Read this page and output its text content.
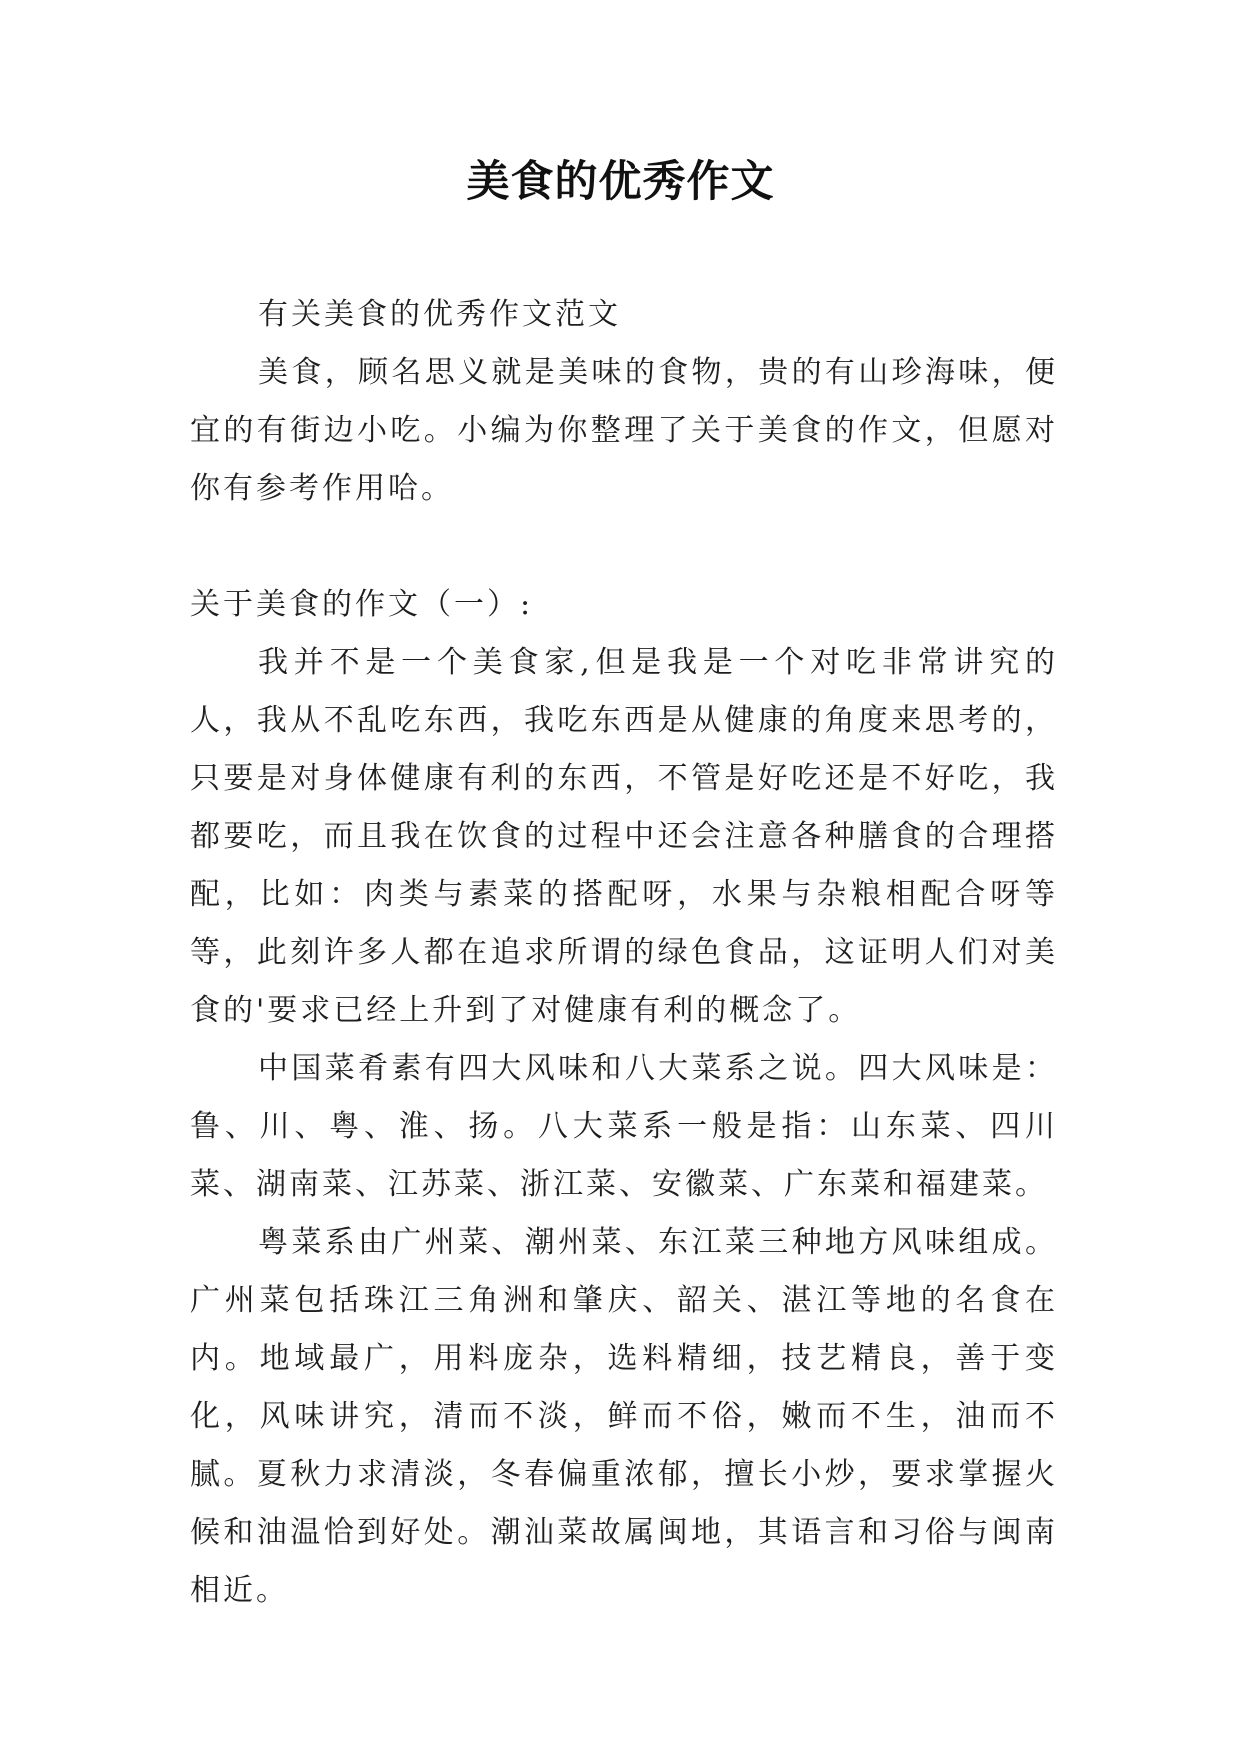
美食的优秀作文

有关美食的优秀作文范文

美食，顾名思义就是美味的食物，贵的有山珍海味，便宜的有街边小吃。小编为你整理了关于美食的作文，但愿对你有参考作用哈。

关于美食的作文（一）:

我并不是一个美食家,但是我是一个对吃非常讲究的人，我从不乱吃东西，我吃东西是从健康的角度来思考的，只要是对身体健康有利的东西，不管是好吃还是不好吃，我都要吃，而且我在饮食的过程中还会注意各种膳食的合理搭配，比如：肉类与素菜的搭配呀，水果与杂粮相配合呀等等，此刻许多人都在追求所谓的绿色食品，这证明人们对美食的'要求已经上升到了对健康有利的概念了。

中国菜肴素有四大风味和八大菜系之说。四大风味是：鲁、川、粤、淮、扬。八大菜系一般是指：山东菜、四川菜、湖南菜、江苏菜、浙江菜、安徽菜、广东菜和福建菜。

粤菜系由广州菜、潮州菜、东江菜三种地方风味组成。广州菜包括珠江三角洲和肇庆、韶关、湛江等地的名食在内。地域最广，用料庞杂，选料精细，技艺精良，善于变化，风味讲究，清而不淡，鲜而不俗，嫩而不生，油而不腻。夏秋力求清淡，冬春偏重浓郁，擅长小炒，要求掌握火候和油温恰到好处。潮汕菜故属闽地，其语言和习俗与闽南相近。
